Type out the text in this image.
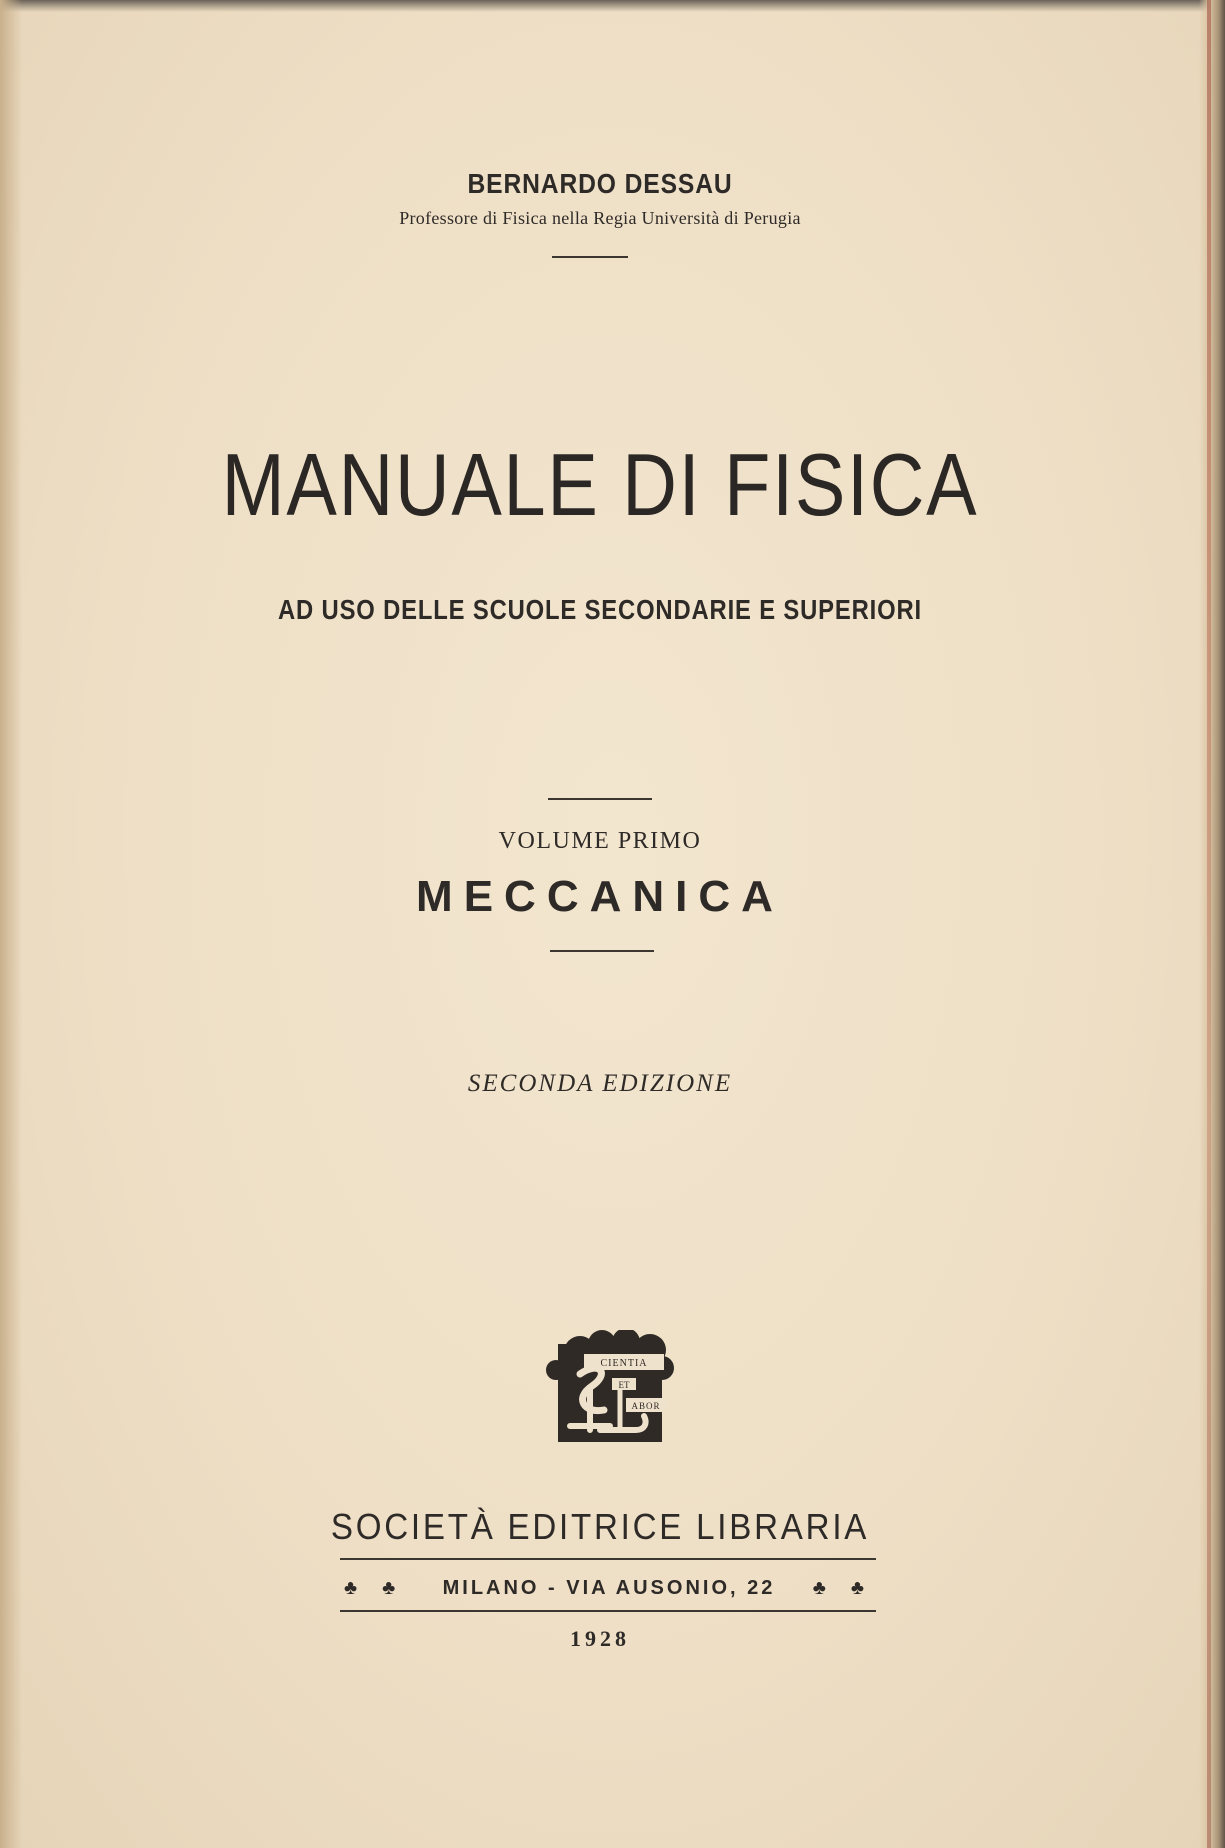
BERNARDO DESSAU
Professore di Fisica nella Regia Università di Perugia
MANUALE DI FISICA
AD USO DELLE SCUOLE SECONDARIE E SUPERIORI
VOLUME PRIMO
MECCANICA
SECONDA EDIZIONE
CIENTIA
ET
ABOR
SOCIETÀ EDITRICE LIBRARIA
♣ ♣ MILANO - VIA AUSONIO, 22 ♣ ♣
1928
